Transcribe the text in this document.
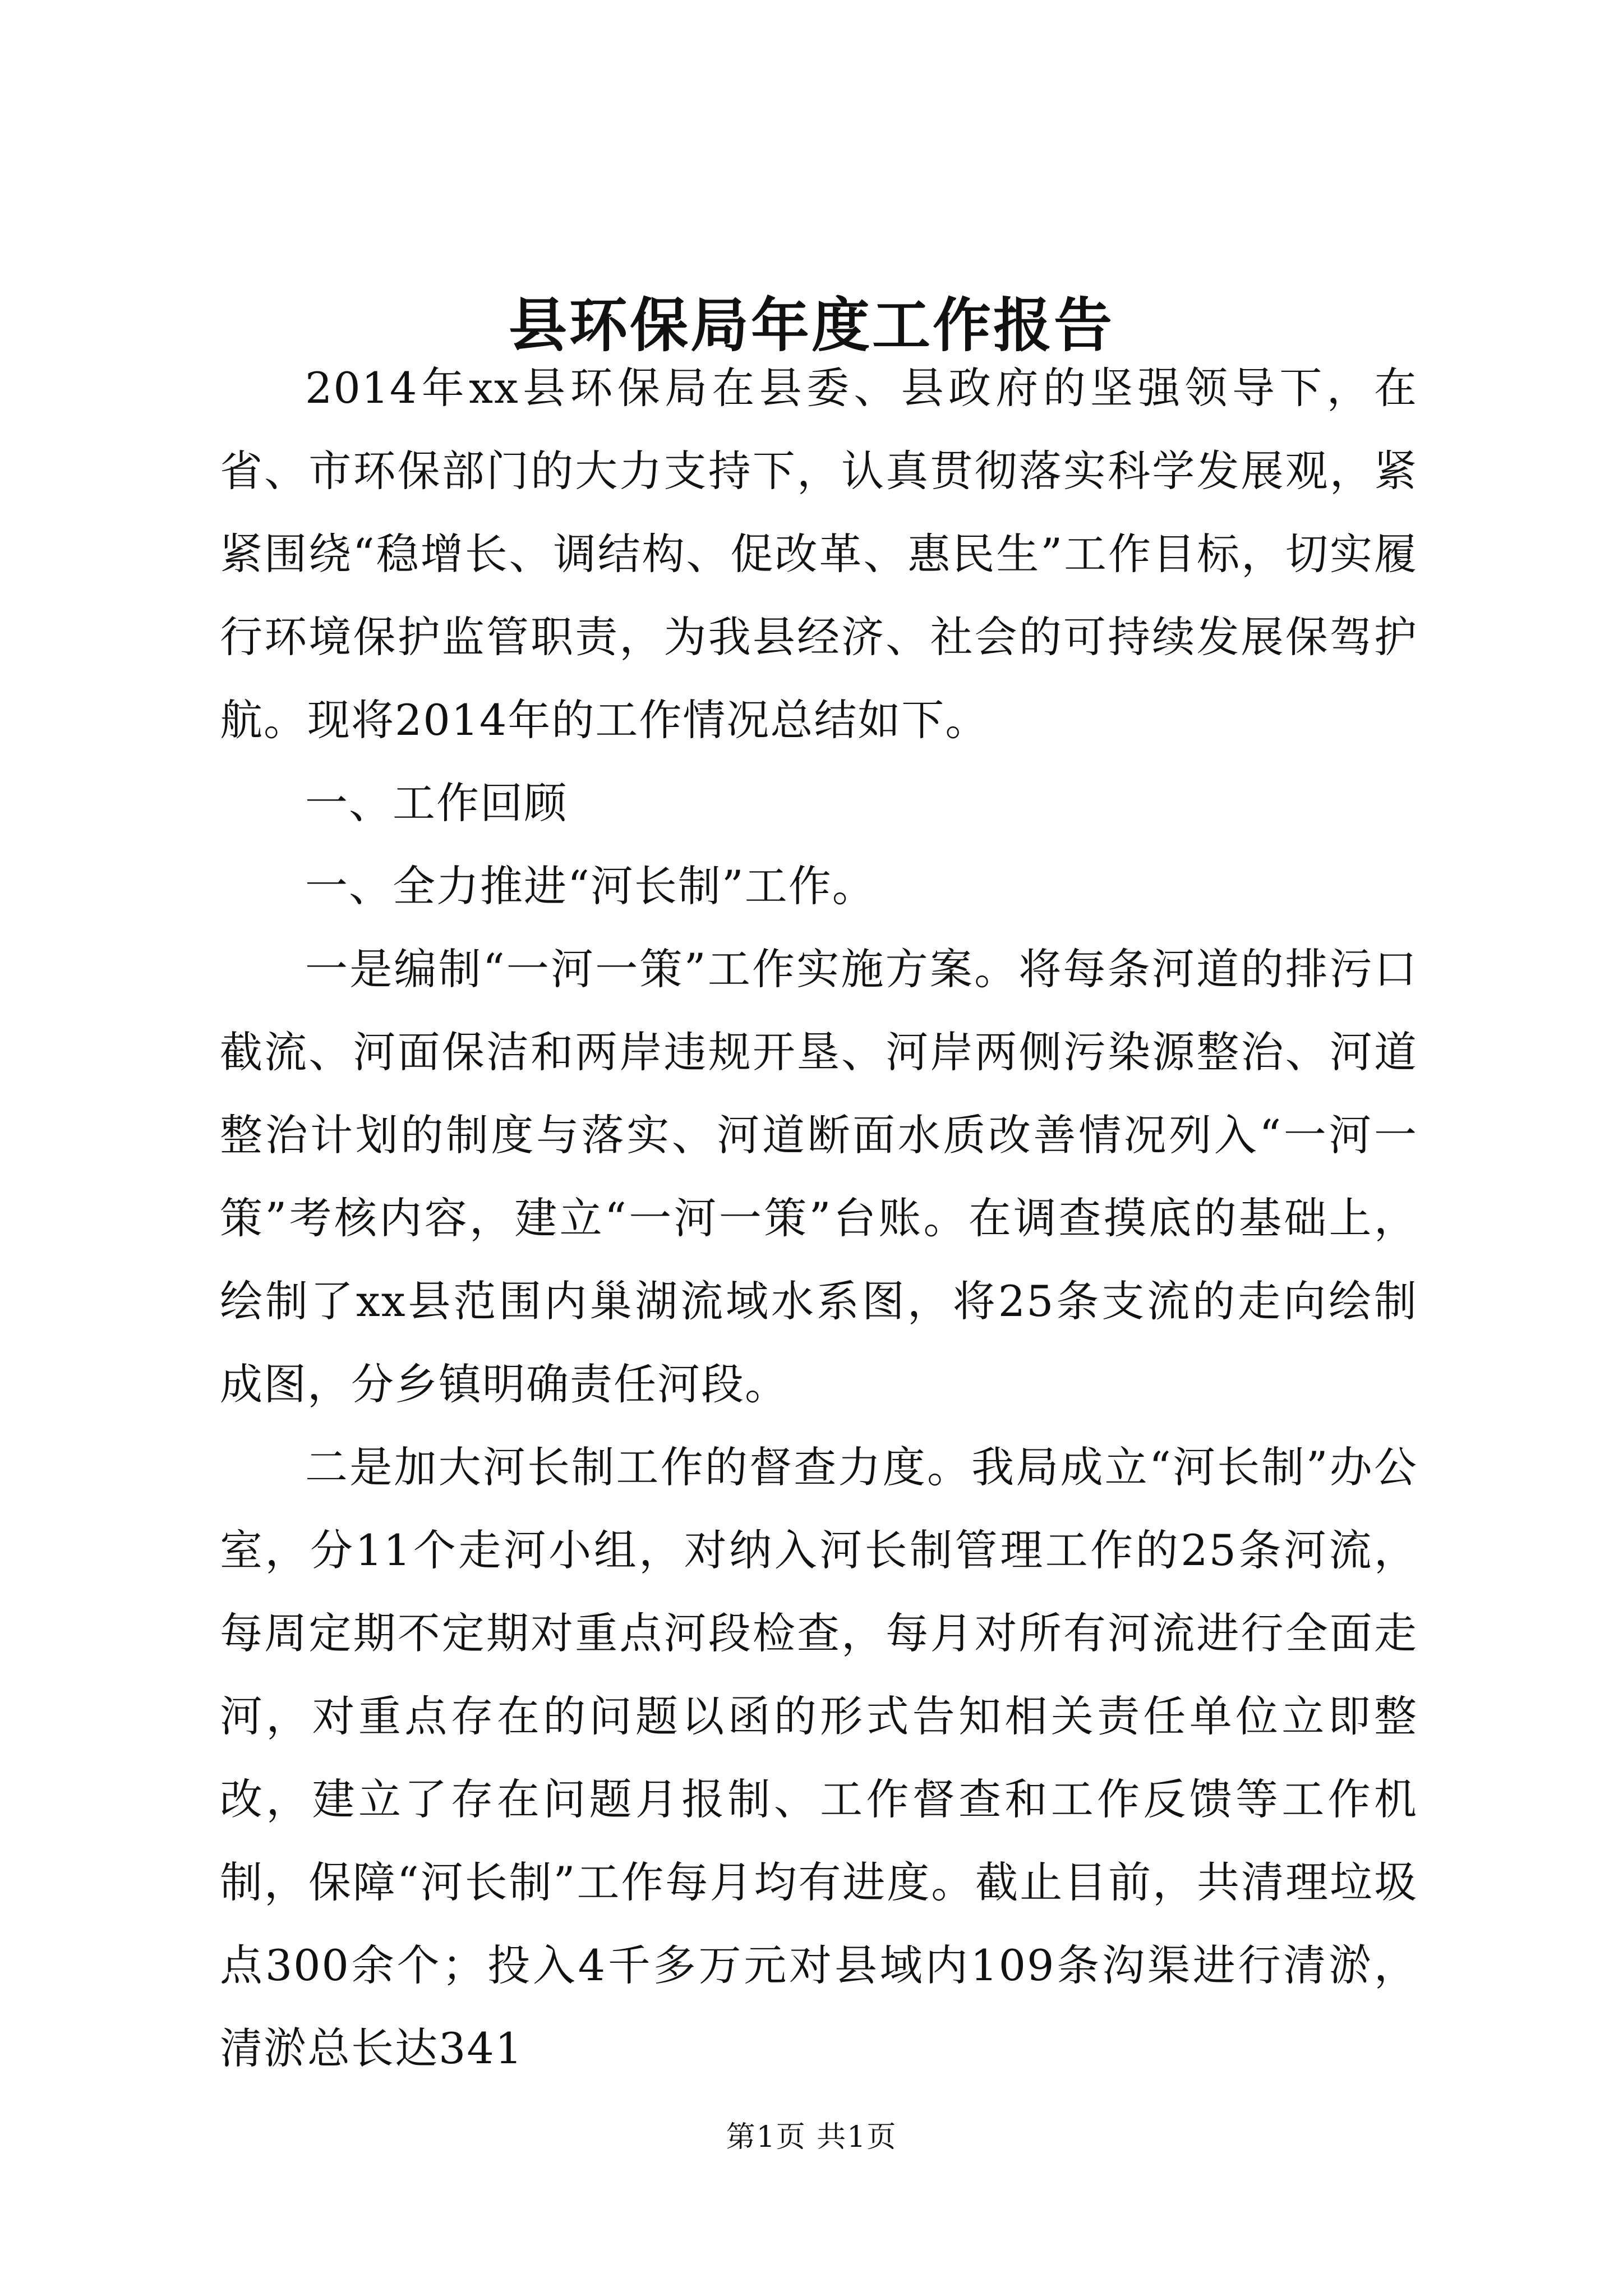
县环保局年度工作报告

2014年xx县环保局在县委、县政府的坚强领导下，在省、市环保部门的大力支持下，认真贯彻落实科学发展观，紧紧围绕“稳增长、调结构、促改革、惠民生”工作目标，切实履行环境保护监管职责，为我县经济、社会的可持续发展保驾护航。现将2014年的工作情况总结如下。

一、工作回顾

一、全力推进“河长制”工作。

一是编制“一河一策”工作实施方案。将每条河道的排污口截流、河面保洁和两岸违规开垦、河岸两侧污染源整治、河道整治计划的制度与落实、河道断面水质改善情况列入“一河一策”考核内容，建立“一河一策”台账。在调查摸底的基础上，绘制了xx县范围内巢湖流域水系图，将25条支流的走向绘制成图，分乡镇明确责任河段。

二是加大河长制工作的督查力度。我局成立“河长制”办公室，分11个走河小组，对纳入河长制管理工作的25条河流，每周定期不定期对重点河段检查，每月对所有河流进行全面走河，对重点存在的问题以函的形式告知相关责任单位立即整改，建立了存在问题月报制、工作督查和工作反馈等工作机制，保障“河长制”工作每月均有进度。截止目前，共清理垃圾点300余个；投入4千多万元对县域内109条沟渠进行清淤，清淤总长达341

第1页 共1页
